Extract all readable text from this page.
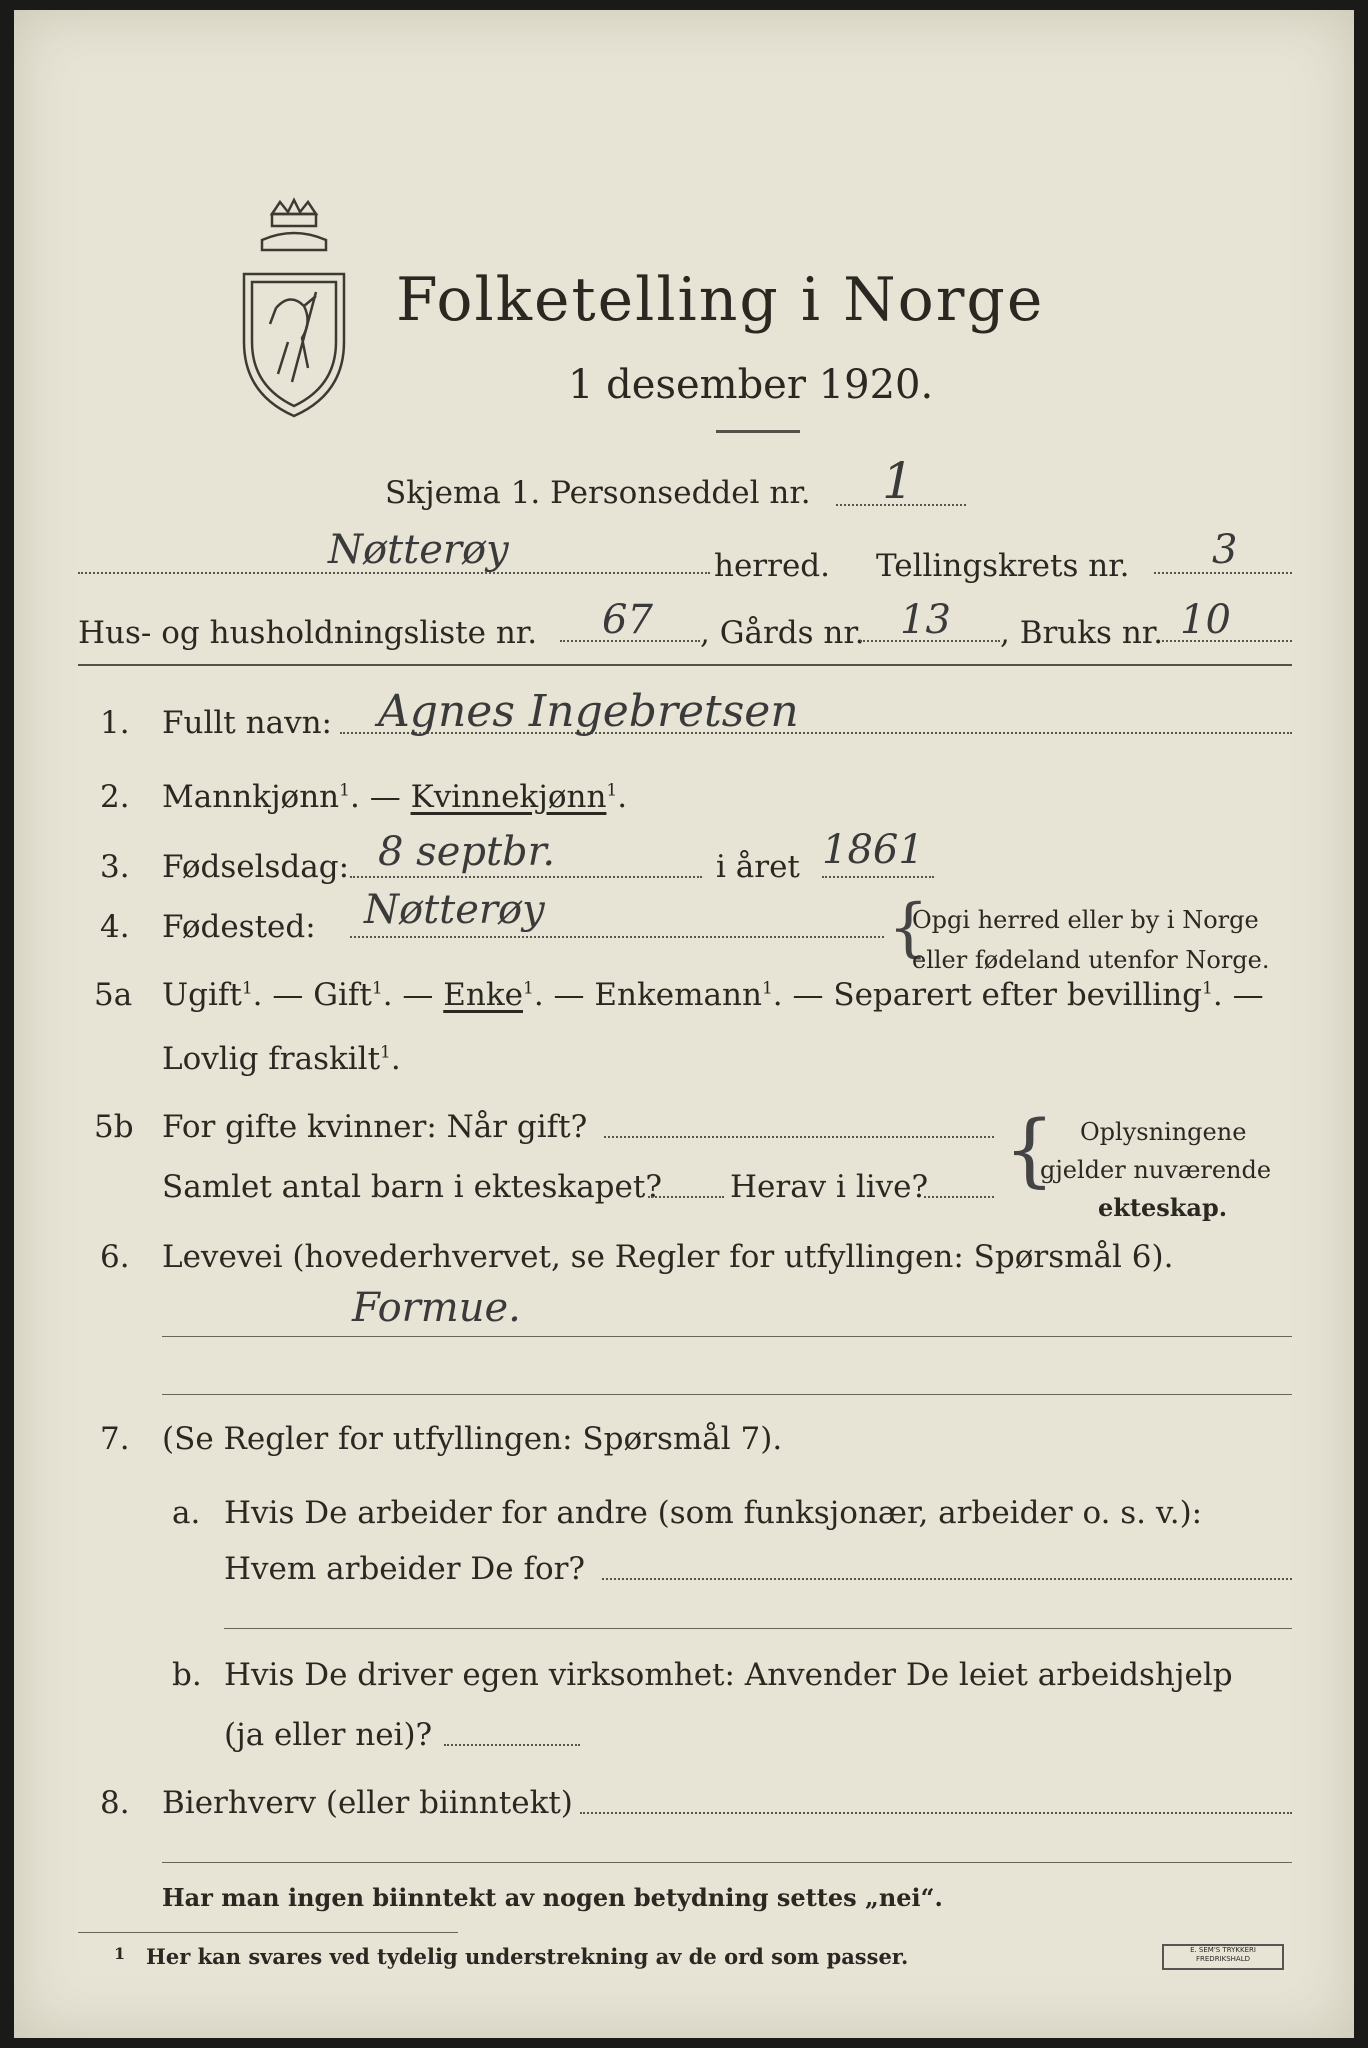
Folketelling i Norge
1 desember 1920.
Skjema 1. Personseddel nr. 1
Nøtterøy	herred. Tellingskrets nr. 3
Hus- og husholdningsliste nr. 67 , Gårds nr. 13 , Bruks nr. 10
1. Fullt navn: Agnes Ingebretsen
2. Mannkjønn$^1$. — Kvinnekjønn$^1$.
3. Fødselsdag: 8 septbr.	i året 1861
4. Fødested: Nøtterøy	{
Opgi herred eller by i Norge
eller fødeland utenfor Norge.
5a Ugift$^1$. — Gift$^1$. — Enke$^1$. — Enkemann$^1$. — Separert efter bevilling$^1$. —
Lovlig fraskilt$^1$.
5b For gifte kvinner: Når gift?
Samlet antal barn i ekteskapet? Herav i live? { Oplysningene
gjelder nuværende
ekteskap.
6. Levevei (hovederhvervet, se Regler for utfyllingen: Spørsmål 6).
Formue.
7. (Se Regler for utfyllingen: Spørsmål 7).
a. Hvis De arbeider for andre (som funksjonær, arbeider o. s. v.):
Hvem arbeider De for?
b. Hvis De driver egen virksomhet: Anvender De leiet arbeidshjelp
(ja eller nei)?
8. Bierhverv (eller biinntekt)
Har man ingen biinntekt av nogen betydning settes „nei“.
1 Her kan svares ved tydelig understrekning av de ord som passer.	E. SEM'S TRYKKERI FREDRIKSHALD
